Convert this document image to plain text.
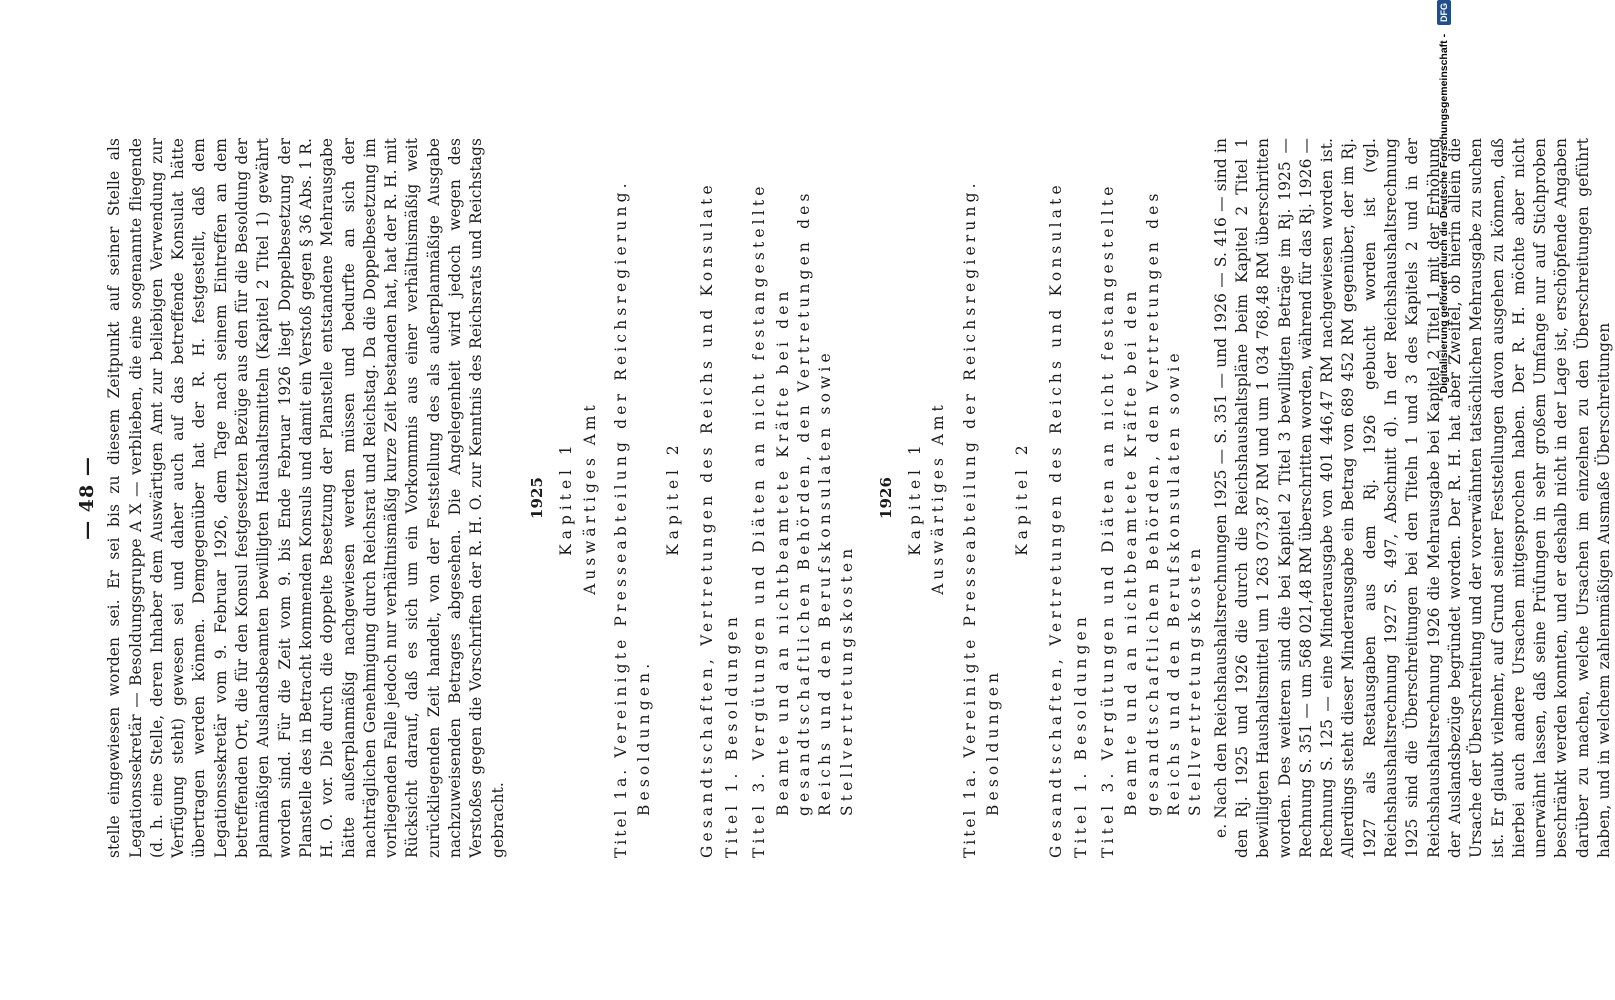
— 48 — stelle eingewiesen worden sei. Er sei bis zu diesem Zeitpunkt auf seiner Stelle als Legationssekretär — Besoldungsgruppe A X — verblieben, die eine sogenannte fliegende (d. h. eine Stelle, deren Inhaber dem Auswärtigen Amt zur beliebigen Verwendung zur Verfügung steht) gewesen sei und daher auch auf das betreffende Konsulat hätte übertragen werden können. Demgegenüber hat der R. H. festgestellt, daß dem Legationssekretär vom 9. Februar 1926, dem Tage nach seinem Eintreffen an dem betreffenden Ort, die für den Konsul festgesetzten Bezüge aus den für die Besoldung der planmäßigen Auslandsbeamten bewilligten Haushaltsmitteln (Kapitel 2 Titel 1) gewährt worden sind. Für die Zeit vom 9. bis Ende Februar 1926 liegt Doppelbesetzung der Planstelle des in Betracht kommenden Konsuls und damit ein Verstoß gegen § 36 Abs. 1 R. H. O. vor. Die durch die doppelte Besetzung der Planstelle entstandene Mehrausgabe hätte außerplanmäßig nachgewiesen werden müssen und bedurfte an sich der nachträglichen Genehmigung durch Reichsrat und Reichstag. Da die Doppelbesetzung im vorliegenden Falle jedoch nur verhältnismäßig kurze Zeit bestanden hat, hat der R. H. mit Rücksicht darauf, daß es sich um ein Vorkommnis aus einer verhältnismäßig weit zurückliegenden Zeit handelt, von der Feststellung des als außerplanmäßige Ausgabe nachzuweisenden Betrages abgesehen. Die Angelegenheit wird jedoch wegen des Verstoßes gegen die Vorschriften der R. H. O. zur Kenntnis des Reichsrats und Reichstags gebracht.
1925 Kapitel 1 Auswärtiges Amt
Titel 1a. Vereinigte Presseabteilung der Reichsregierung. Besoldungen.
Kapitel 2 Gesandtschaften, Vertretungen des Reichs und Konsulate Titel 1. Besoldungen Titel 3. Vergütungen und Diäten an nicht festangestellte Beamte und an nichtbeamtete Kräfte bei den gesandtschaftlichen Behörden, den Vertretungen des Reichs und den Berufskonsulaten sowie Stellvertretungskosten
1926 Kapitel 1 Auswärtiges Amt
Titel 1a. Vereinigte Presseabteilung der Reichsregierung. Besoldungen
Kapitel 2 Gesandtschaften, Vertretungen des Reichs und Konsulate Titel 1. Besoldungen Titel 3. Vergütungen und Diäten an nicht festangestellte Beamte und an nichtbeamtete Kräfte bei den gesandtschaftlichen Behörden, den Vertretungen des Reichs und den Berufskonsulaten sowie Stellvertretungskosten e. Nach den Reichshaushaltsrechnungen 1925 — S. 351 — und 1926 — S. 416 — sind in den Rj. 1925 und 1926 die durch die Reichshaushaltspläne beim Kapitel 2 Titel 1 bewilligten Haushaltsmittel um 1 263 073,87 RM und um 1 034 768,48 RM überschritten worden. Des weiteren sind die bei Kapitel 2 Titel 3 bewilligten Beträge im Rj. 1925 — Rechnung S. 351 — um 568 021,48 RM überschritten worden, während für das Rj. 1926 — Rechnung S. 125 — eine Minderausgabe von 401 446,47 RM nachgewiesen worden ist. Allerdings steht dieser Minderausgabe ein Betrag von 689 452 RM gegenüber, der im Rj. 1927 als Restausgaben aus dem Rj. 1926 gebucht worden ist (vgl. Reichshaushaltsrechnung 1927 S. 497, Abschnitt d). In der Reichshaushaltsrechnung 1925 sind die Überschreitungen bei den Titeln 1 und 3 des Kapitels 2 und in der Reichshaushaltsrechnung 1926 die Mehrausgabe bei Kapitel 2 Titel 1 mit der Erhöhung der Auslandsbezüge begründet worden. Der R. H. hat aber Zweifel, ob hierin allein die Ursache der Überschreitung und der vorerwähnten tatsächlichen Mehrausgabe zu suchen ist. Er glaubt vielmehr, auf Grund seiner Feststellungen davon ausgehen zu können, daß hierbei auch andere Ursachen mitgesprochen haben. Der R. H. möchte aber nicht unerwähnt lassen, daß seine Prüfungen in sehr großem Umfange nur auf Stichproben beschränkt werden konnten, und er deshalb nicht in der Lage ist, erschöpfende Angaben darüber zu machen, welche Ursachen im einzelnen zu den Überschreitungen geführt haben, und in welchem zahlenmäßigen Ausmaße Überschreitungen
Digitalisierung gefördert durch die Deutsche Forschungsgemeinschaft - DFG
